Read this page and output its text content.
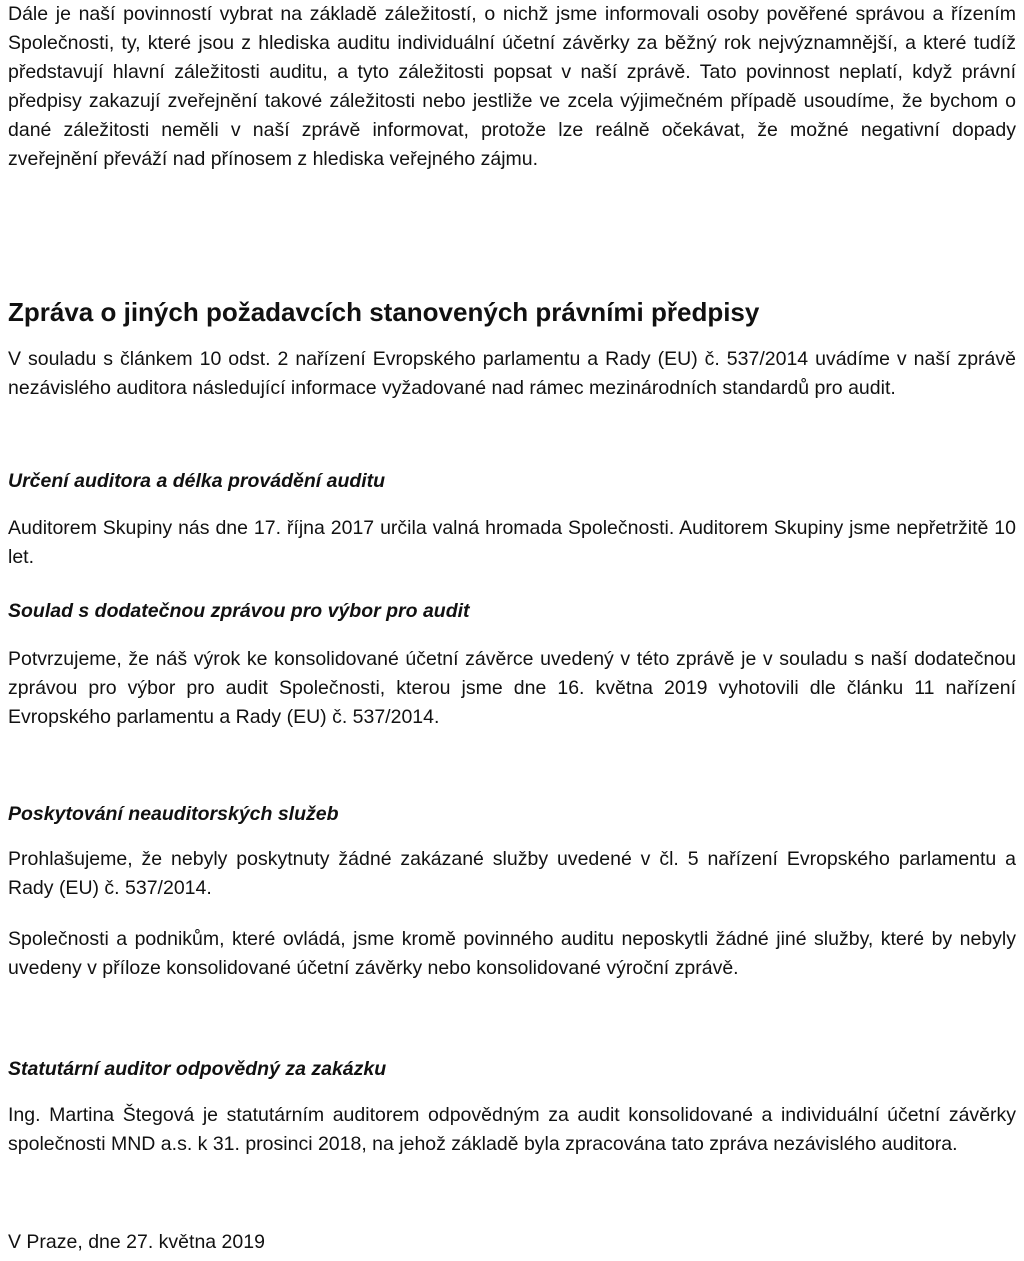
Dále je naší povinností vybrat na základě záležitostí, o nichž jsme informovali osoby pověřené správou a řízením Společnosti, ty, které jsou z hlediska auditu individuální účetní závěrky za běžný rok nejvýznamnější, a které tudíž představují hlavní záležitosti auditu, a tyto záležitosti popsat v naší zprávě. Tato povinnost neplatí, když právní předpisy zakazují zveřejnění takové záležitosti nebo jestliže ve zcela výjimečném případě usoudíme, že bychom o dané záležitosti neměli v naší zprávě informovat, protože lze reálně očekávat, že možné negativní dopady zveřejnění převáží nad přínosem z hlediska veřejného zájmu.

Zpráva o jiných požadavcích stanovených právními předpisy

V souladu s článkem 10 odst. 2 nařízení Evropského parlamentu a Rady (EU) č. 537/2014 uvádíme v naší zprávě nezávislého auditora následující informace vyžadované nad rámec mezinárodních standardů pro audit.

Určení auditora a délka provádění auditu

Auditorem Skupiny nás dne 17. října 2017 určila valná hromada Společnosti. Auditorem Skupiny jsme nepřetržitě 10 let.

Soulad s dodatečnou zprávou pro výbor pro audit

Potvrzujeme, že náš výrok ke konsolidované účetní závěrce uvedený v této zprávě je v souladu s naší dodatečnou zprávou pro výbor pro audit Společnosti, kterou jsme dne 16. května 2019 vyhotovili dle článku 11 nařízení Evropského parlamentu a Rady (EU) č. 537/2014.

Poskytování neauditorských služeb

Prohlašujeme, že nebyly poskytnuty žádné zakázané služby uvedené v čl. 5 nařízení Evropského parlamentu a Rady (EU) č. 537/2014.

Společnosti a podnikům, které ovládá, jsme kromě povinného auditu neposkytli žádné jiné služby, které by nebyly uvedeny v příloze konsolidované účetní závěrky nebo konsolidované výroční zprávě.

Statutární auditor odpovědný za zakázku

Ing. Martina Štegová je statutárním auditorem odpovědným za audit konsolidované a individuální účetní závěrky společnosti MND a.s. k 31. prosinci 2018, na jehož základě byla zpracována tato zpráva nezávislého auditora.

V Praze, dne 27. května 2019
